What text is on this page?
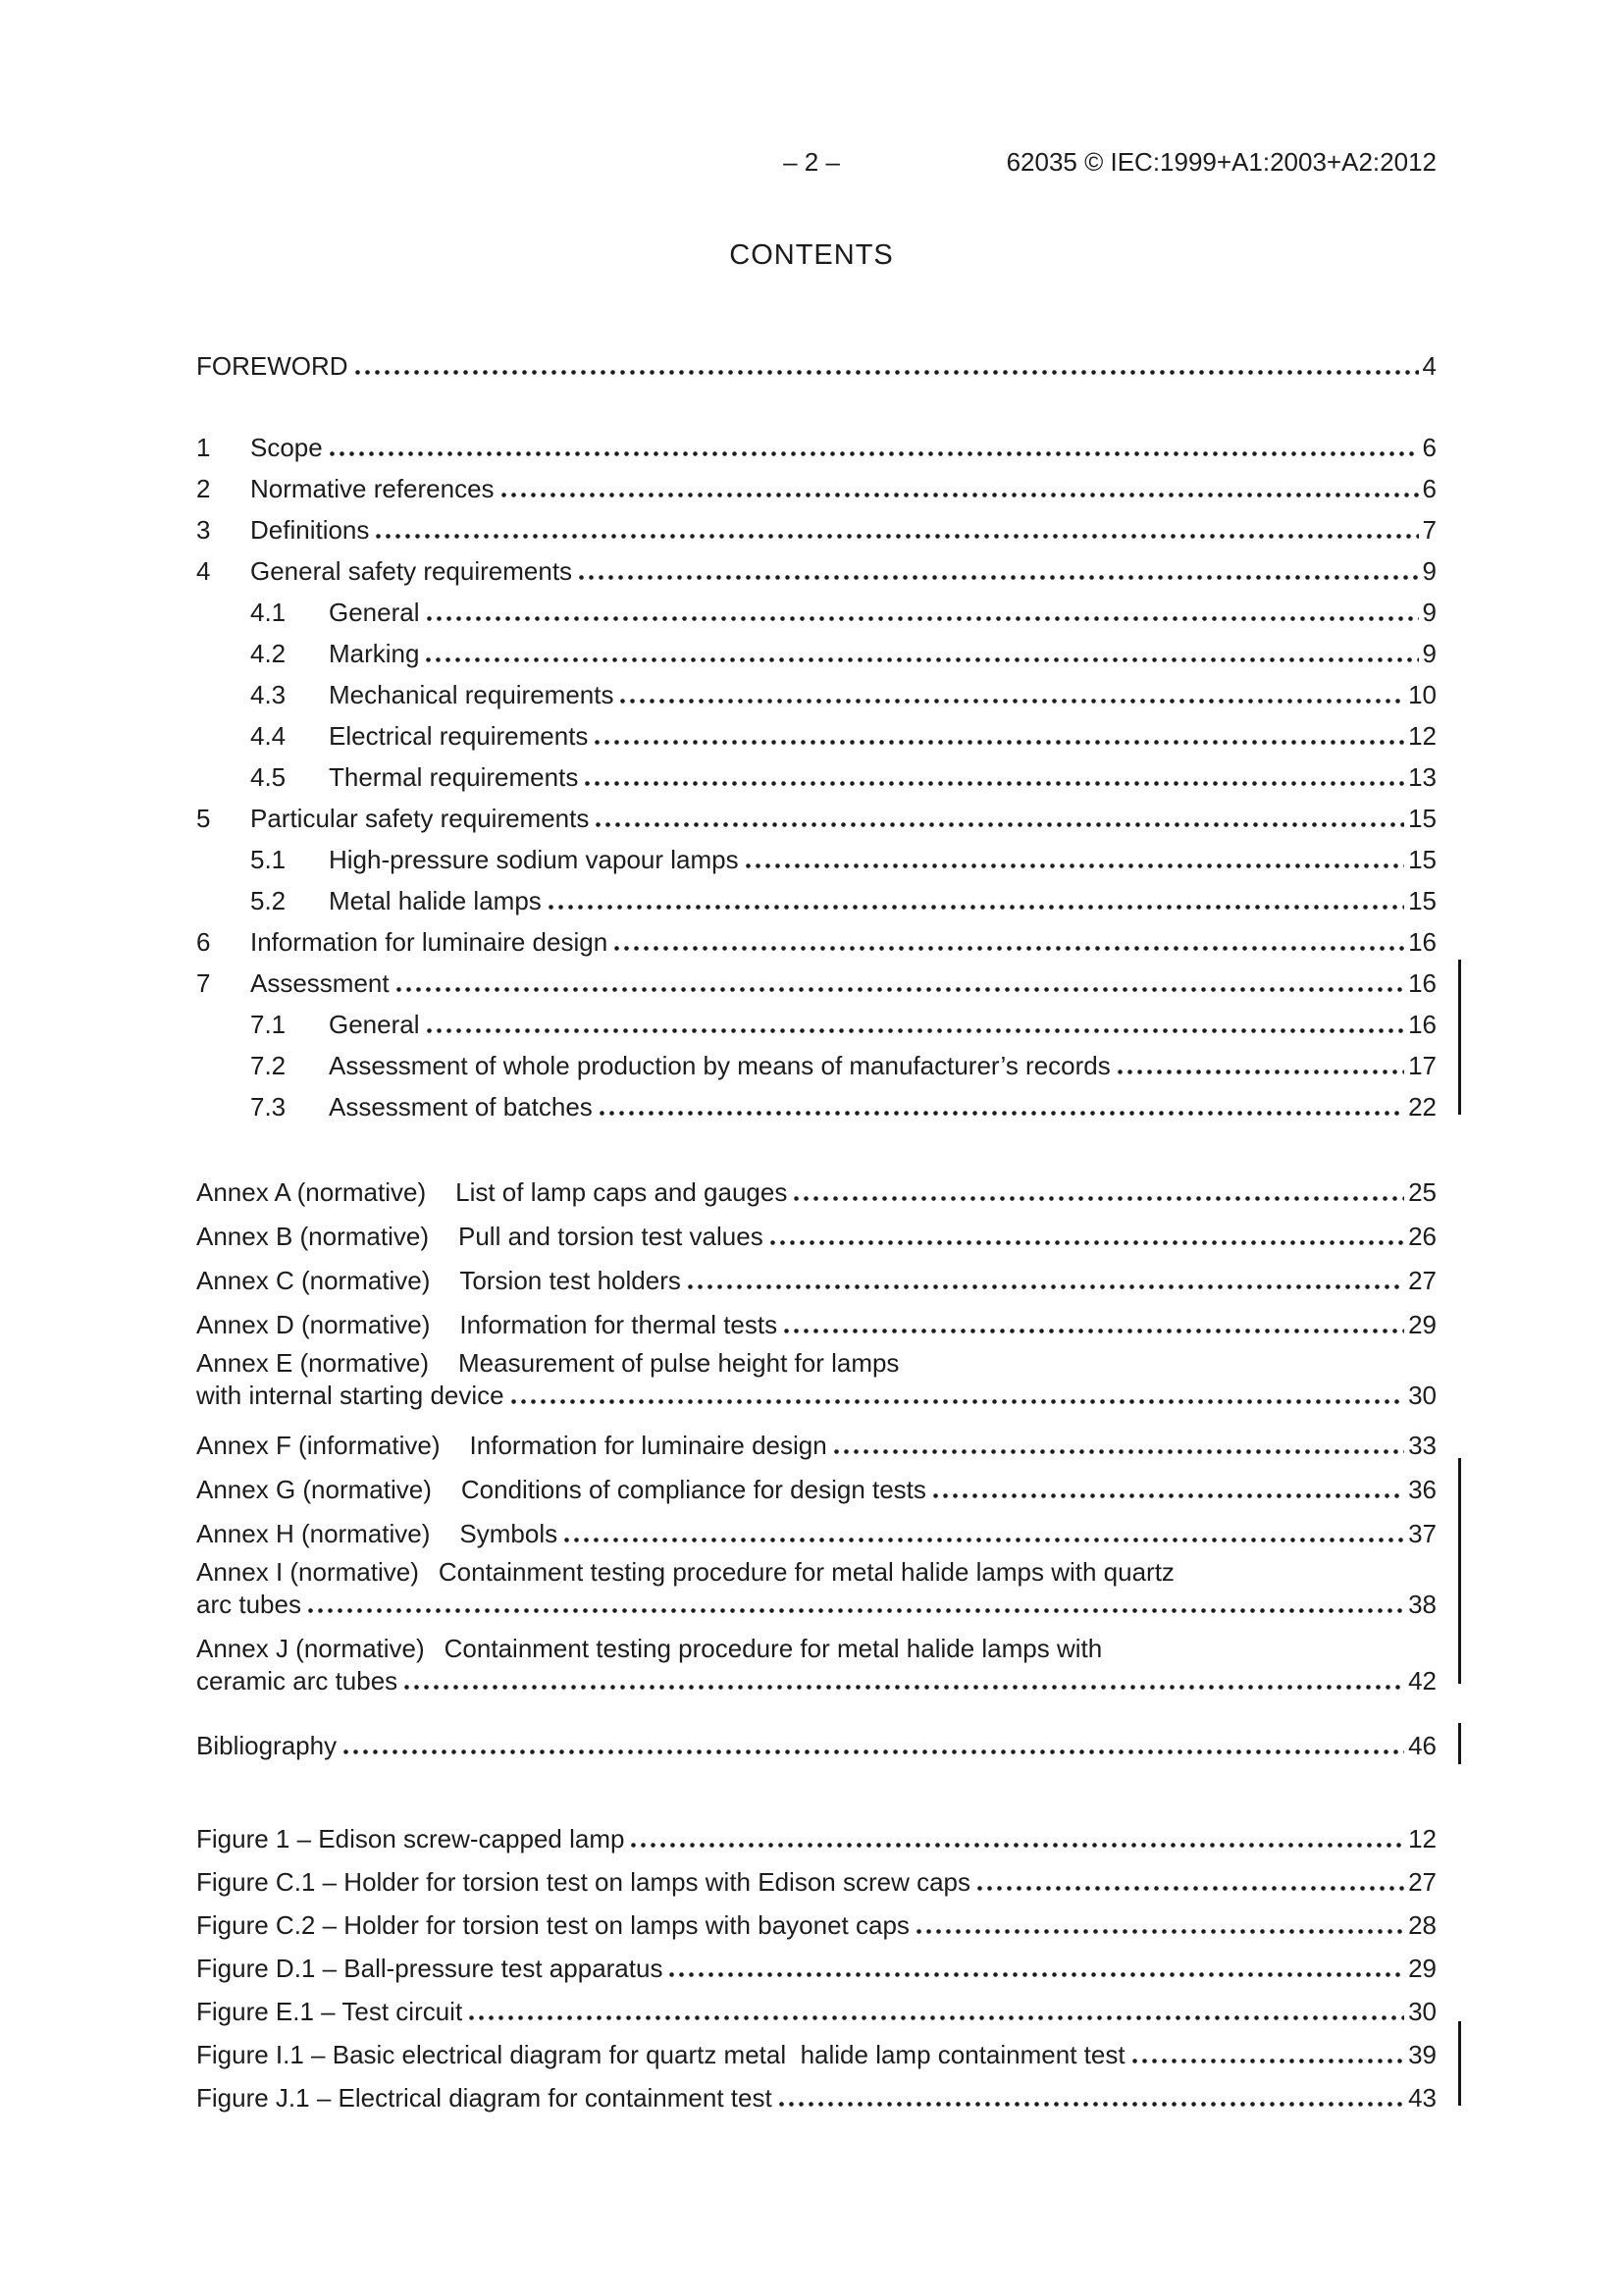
– 2 –	62035 © IEC:1999+A1:2003+A2:2012
CONTENTS
FOREWORD	4
1	Scope	6
2	Normative references	6
3	Definitions	7
4	General safety requirements	9
4.1	General	9
4.2	Marking	9
4.3	Mechanical requirements	10
4.4	Electrical requirements	12
4.5	Thermal requirements	13
5	Particular safety requirements	15
5.1	High-pressure sodium vapour lamps	15
5.2	Metal halide lamps	15
6	Information for luminaire design	16
7	Assessment	16
7.1	General	16
7.2	Assessment of whole production by means of manufacturer’s records	17
7.3	Assessment of batches	22
Annex A (normative) List of lamp caps and gauges	25
Annex B (normative) Pull and torsion test values	26
Annex C (normative) Torsion test holders	27
Annex D (normative) Information for thermal tests	29
Annex E (normative) Measurement of pulse height for lamps
with internal starting device	30
Annex F (informative) Information for luminaire design	33
Annex G (normative) Conditions of compliance for design tests	36
Annex H (normative) Symbols	37
Annex I (normative) Containment testing procedure for metal halide lamps with quartz
arc tubes	38
Annex J (normative) Containment testing procedure for metal halide lamps with
ceramic arc tubes	42
Bibliography	46
Figure 1 – Edison screw-capped lamp	12
Figure C.1 – Holder for torsion test on lamps with Edison screw caps	27
Figure C.2 – Holder for torsion test on lamps with bayonet caps	28
Figure D.1 – Ball-pressure test apparatus	29
Figure E.1 – Test circuit	30
Figure I.1 – Basic electrical diagram for quartz metal  halide lamp containment test	39
Figure J.1 – Electrical diagram for containment test	43
